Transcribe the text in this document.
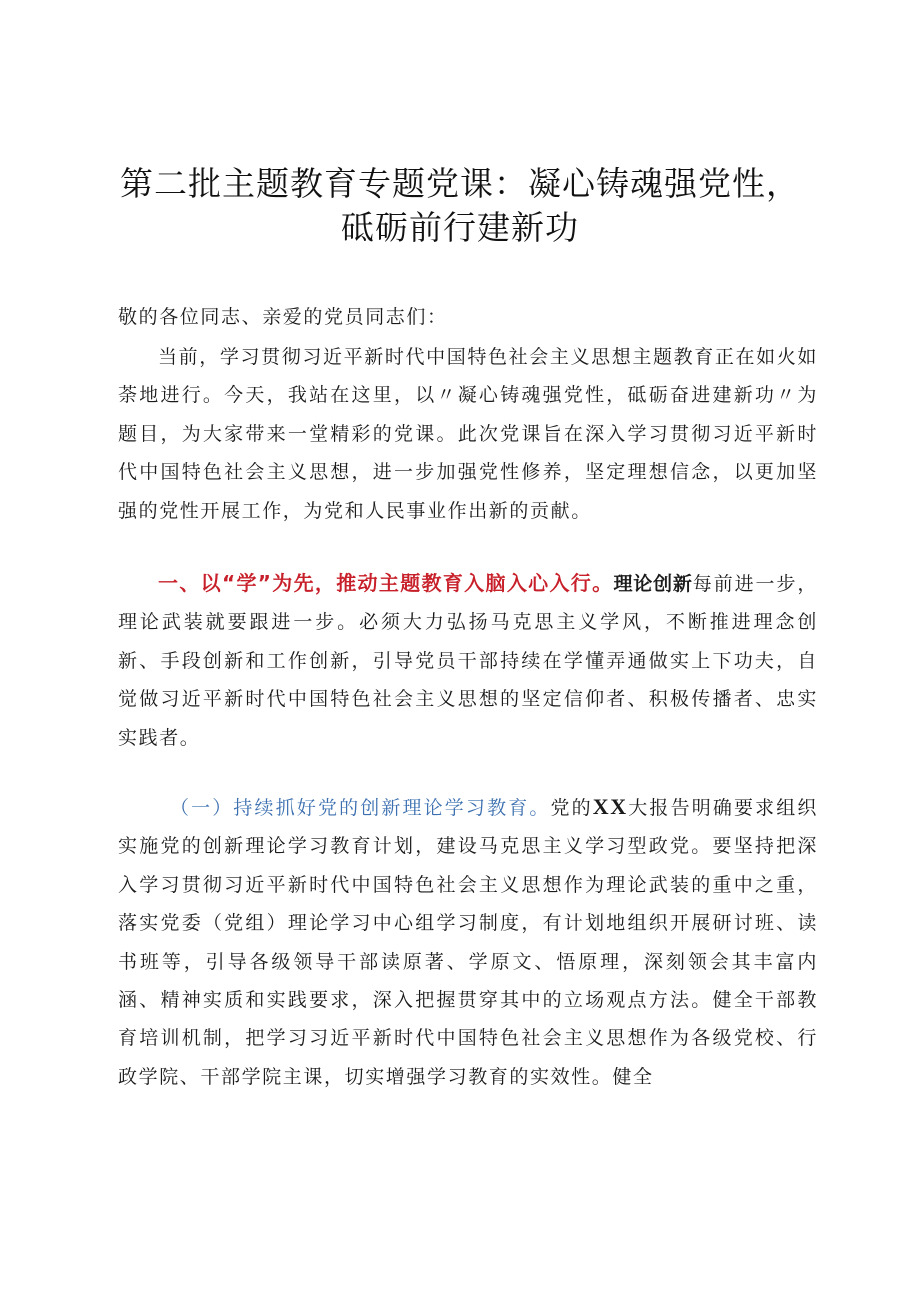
第二批主题教育专题党课：凝心铸魂强党性，
砥砺前行建新功

敬的各位同志、亲爱的党员同志们：

当前，学习贯彻习近平新时代中国特色社会主义思想主题教育正在如火如荼地进行。今天，我站在这里，以〃凝心铸魂强党性，砥砺奋进建新功〃为题目，为大家带来一堂精彩的党课。此次党课旨在深入学习贯彻习近平新时代中国特色社会主义思想，进一步加强党性修养，坚定理想信念，以更加坚强的党性开展工作，为党和人民事业作出新的贡献。

一、以“学”为先，推动主题教育入脑入心入行。理论创新每前进一步，理论武装就要跟进一步。必须大力弘扬马克思主义学风，不断推进理念创新、手段创新和工作创新，引导党员干部持续在学懂弄通做实上下功夫，自觉做习近平新时代中国特色社会主义思想的坚定信仰者、积极传播者、忠实实践者。

（一）持续抓好党的创新理论学习教育。党的XX大报告明确要求组织实施党的创新理论学习教育计划，建设马克思主义学习型政党。要坚持把深入学习贯彻习近平新时代中国特色社会主义思想作为理论武装的重中之重，落实党委（党组）理论学习中心组学习制度，有计划地组织开展研讨班、读书班等，引导各级领导干部读原著、学原文、悟原理，深刻领会其丰富内涵、精神实质和实践要求，深入把握贯穿其中的立场观点方法。健全干部教育培训机制，把学习习近平新时代中国特色社会主义思想作为各级党校、行政学院、干部学院主课，切实增强学习教育的实效性。健全
